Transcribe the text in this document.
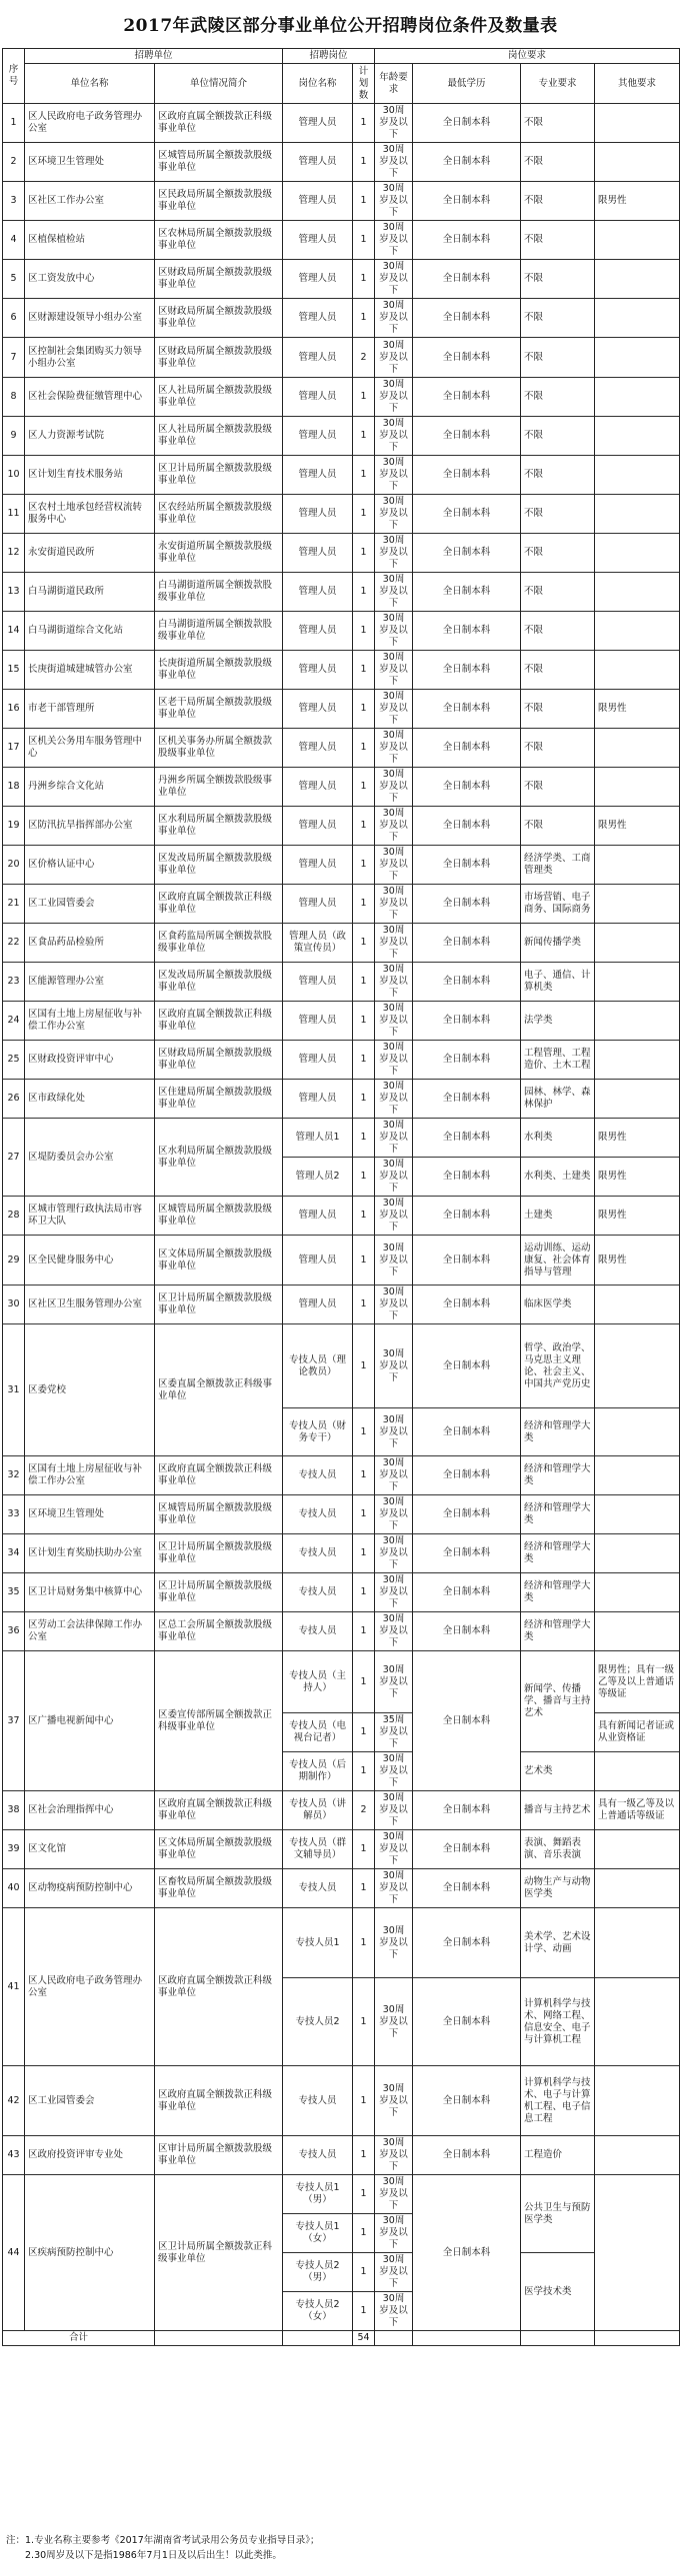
2017年武陵区部分事业单位公开招聘岗位条件及数量表
序号	招聘单位		招聘岗位		岗位要求			
	单位名称	单位情况简介	岗位名称	计划数	年龄要求	最低学历	专业要求	其他要求
1	区人民政府电子政务管理办公室	区政府直属全额拨款正科级事业单位	管理人员	1	30周岁及以下	全日制本科	不限	
2	区环境卫生管理处	区城管局所属全额拨款股级事业单位	管理人员	1	30周岁及以下	全日制本科	不限	
3	区社区工作办公室	区民政局所属全额拨款股级事业单位	管理人员	1	30周岁及以下	全日制本科	不限	限男性
4	区植保植检站	区农林局所属全额拨款股级事业单位	管理人员	1	30周岁及以下	全日制本科	不限	
5	区工资发放中心	区财政局所属全额拨款股级事业单位	管理人员	1	30周岁及以下	全日制本科	不限	
6	区财源建设领导小组办公室	区财政局所属全额拨款股级事业单位	管理人员	1	30周岁及以下	全日制本科	不限	
7	区控制社会集团购买力领导小组办公室	区财政局所属全额拨款股级事业单位	管理人员	2	30周岁及以下	全日制本科	不限	
8	区社会保险费征缴管理中心	区人社局所属全额拨款股级事业单位	管理人员	1	30周岁及以下	全日制本科	不限	
9	区人力资源考试院	区人社局所属全额拨款股级事业单位	管理人员	1	30周岁及以下	全日制本科	不限	
10	区计划生育技术服务站	区卫计局所属全额拨款股级事业单位	管理人员	1	30周岁及以下	全日制本科	不限	
11	区农村土地承包经营权流转服务中心	区农经站所属全额拨款股级事业单位	管理人员	1	30周岁及以下	全日制本科	不限	
12	永安街道民政所	永安街道所属全额拨款股级事业单位	管理人员	1	30周岁及以下	全日制本科	不限	
13	白马湖街道民政所	白马湖街道所属全额拨款股级事业单位	管理人员	1	30周岁及以下	全日制本科	不限	
14	白马湖街道综合文化站	白马湖街道所属全额拨款股级事业单位	管理人员	1	30周岁及以下	全日制本科	不限	
15	长庚街道城建城管办公室	长庚街道所属全额拨款股级事业单位	管理人员	1	30周岁及以下	全日制本科	不限	
16	市老干部管理所	区老干局所属全额拨款股级事业单位	管理人员	1	30周岁及以下	全日制本科	不限	限男性
17	区机关公务用车服务管理中心	区机关事务办所属全额拨款股级事业单位	管理人员	1	30周岁及以下	全日制本科	不限	
18	丹洲乡综合文化站	丹洲乡所属全额拨款股级事业单位	管理人员	1	30周岁及以下	全日制本科	不限	
19	区防汛抗旱指挥部办公室	区水利局所属全额拨款股级事业单位	管理人员	1	30周岁及以下	全日制本科	不限	限男性
20	区价格认证中心	区发改局所属全额拨款股级事业单位	管理人员	1	30周岁及以下	全日制本科	经济学类、工商管理类	
21	区工业园管委会	区政府直属全额拨款正科级事业单位	管理人员	1	30周岁及以下	全日制本科	市场营销、电子商务、国际商务	
22	区食品药品检验所	区食药监局所属全额拨款股级事业单位	管理人员（政策宣传员）	1	30周岁及以下	全日制本科	新闻传播学类	
23	区能源管理办公室	区发改局所属全额拨款股级事业单位	管理人员	1	30周岁及以下	全日制本科	电子、通信、计算机类	
24	区国有土地上房屋征收与补偿工作办公室	区政府直属全额拨款正科级事业单位	管理人员	1	30周岁及以下	全日制本科	法学类	
25	区财政投资评审中心	区财政局所属全额拨款股级事业单位	管理人员	1	30周岁及以下	全日制本科	工程管理、工程造价、土木工程	
26	区市政绿化处	区住建局所属全额拨款股级事业单位	管理人员	1	30周岁及以下	全日制本科	园林、林学、森林保护	
27	区堤防委员会办公室	区水利局所属全额拨款股级事业单位	管理人员1	1	30周岁及以下	全日制本科	水利类	限男性
			管理人员2	1	30周岁及以下	全日制本科	水利类、土建类	限男性
28	区城市管理行政执法局市容环卫大队	区城管局所属全额拨款股级事业单位	管理人员	1	30周岁及以下	全日制本科	土建类	限男性
29	区全民健身服务中心	区文体局所属全额拨款股级事业单位	管理人员	1	30周岁及以下	全日制本科	运动训练、运动康复、社会体育指导与管理	限男性
30	区社区卫生服务管理办公室	区卫计局所属全额拨款股级事业单位	管理人员	1	30周岁及以下	全日制本科	临床医学类	
31	区委党校	区委直属全额拨款正科级事业单位	专技人员（理论教员）	1	30周岁及以下	全日制本科	哲学、政治学、马克思主义理论、社会主义、中国共产党历史	
			专技人员（财务专干）	1	30周岁及以下	全日制本科	经济和管理学大类	
32	区国有土地上房屋征收与补偿工作办公室	区政府直属全额拨款正科级事业单位	专技人员	1	30周岁及以下	全日制本科	经济和管理学大类	
33	区环境卫生管理处	区城管局所属全额拨款股级事业单位	专技人员	1	30周岁及以下	全日制本科	经济和管理学大类	
34	区计划生育奖励扶助办公室	区卫计局所属全额拨款股级事业单位	专技人员	1	30周岁及以下	全日制本科	经济和管理学大类	
35	区卫计局财务集中核算中心	区卫计局所属全额拨款股级事业单位	专技人员	1	30周岁及以下	全日制本科	经济和管理学大类	
36	区劳动工会法律保障工作办公室	区总工会所属全额拨款股级事业单位	专技人员	1	30周岁及以下	全日制本科	经济和管理学大类	
37	区广播电视新闻中心	区委宣传部所属全额拨款正科级事业单位	专技人员（主持人）	1	30周岁及以下	全日制本科	新闻学、传播学、播音与主持艺术	限男性；具有一级乙等及以上普通话等级证
			专技人员（电视台记者）	1	35周岁及以下			具有新闻记者证或从业资格证
			专技人员（后期制作）	1	30周岁及以下		艺术类	
38	区社会治理指挥中心	区政府直属全额拨款正科级事业单位	专技人员（讲解员）	2	30周岁及以下	全日制本科	播音与主持艺术	具有一级乙等及以上普通话等级证
39	区文化馆	区文体局所属全额拨款股级事业单位	专技人员（群文辅导员）	1	30周岁及以下	全日制本科	表演、舞蹈表演、音乐表演	
40	区动物疫病预防控制中心	区畜牧局所属全额拨款股级事业单位	专技人员	1	30周岁及以下	全日制本科	动物生产与动物医学类	
41	区人民政府电子政务管理办公室	区政府直属全额拨款正科级事业单位	专技人员1	1	30周岁及以下	全日制本科	美术学、艺术设计学、动画	
			专技人员2	1	30周岁及以下	全日制本科	计算机科学与技术、网络工程、信息安全、电子与计算机工程	
42	区工业园管委会	区政府直属全额拨款正科级事业单位	专技人员	1	30周岁及以下	全日制本科	计算机科学与技术、电子与计算机工程、电子信息工程	
43	区政府投资评审专业处	区审计局所属全额拨款股级事业单位	专技人员	1	30周岁及以下	全日制本科	工程造价	
44	区疾病预防控制中心	区卫计局所属全额拨款正科级事业单位	专技人员1（男）	1	30周岁及以下	全日制本科	公共卫生与预防医学类	
			专技人员1（女）	1	30周岁及以下			
			专技人员2（男）	1	30周岁及以下		医学技术类	
			专技人员2（女）	1	30周岁及以下			
合计				54				
注：1.专业名称主要参考《2017年湖南省考试录用公务员专业指导目录》；
2.30周岁及以下是指1986年7月1日及以后出生！以此类推。
